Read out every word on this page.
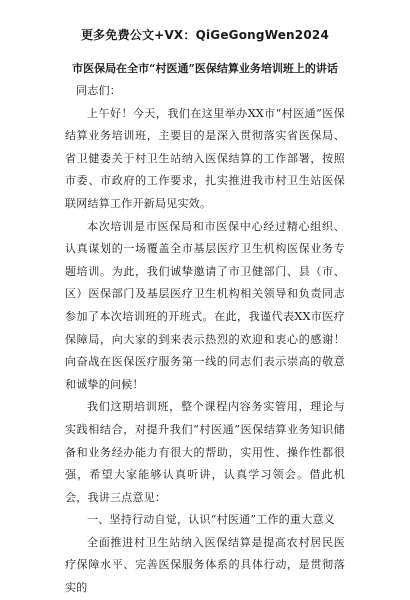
更多免费公文+VX：QiGeGongWen2024
市医保局在全市“村医通”医保结算业务培训班上的讲话

同志们：

上午好！今天，我们在这里举办XX市“村医通”医保结算业务培训班，主要目的是深入贯彻落实省医保局、省卫健委关于村卫生站纳入医保结算的工作部署，按照市委、市政府的工作要求，扎实推进我市村卫生站医保联网结算工作开新局见实效。

本次培训是市医保局和市医保中心经过精心组织、认真谋划的一场覆盖全市基层医疗卫生机构医保业务专题培训。为此，我们诚挚邀请了市卫健部门、县（市、区）医保部门及基层医疗卫生机构相关领导和负责同志参加了本次培训班的开班式。在此，我谨代表XX市医疗保障局，向大家的到来表示热烈的欢迎和衷心的感谢！向奋战在医保医疗服务第一线的同志们表示崇高的敬意和诚挚的问候！

我们这期培训班，整个课程内容务实管用，理论与实践相结合，对提升我们“村医通”医保结算业务知识储备和业务经办能力有很大的帮助，实用性、操作性都很强，希望大家能够认真听讲，认真学习领会。借此机会，我讲三点意见：

一、坚持行动自觉，认识“村医通”工作的重大意义

全面推进村卫生站纳入医保结算是提高农村居民医疗保障水平、完善医保服务体系的具体行动，是贯彻落实的
